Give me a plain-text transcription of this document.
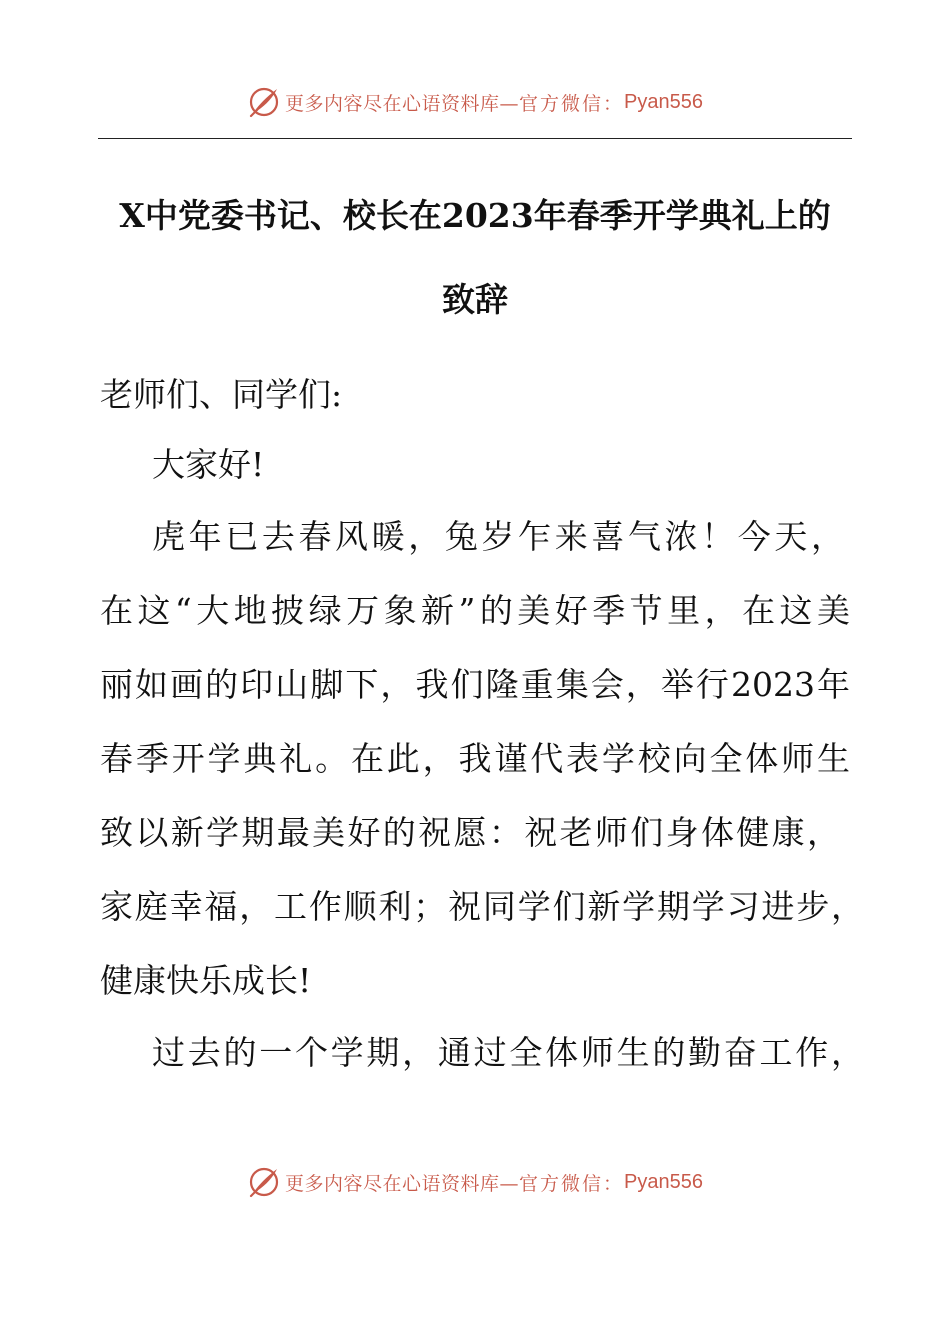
更多内容尽在心语资料库— 官方微信： Pyan556
X中党委书记、校长在2023年春季开学典礼上的
致辞
老师们、同学们:
大家好!
虎年已去春风暖，兔岁乍来喜气浓！今天，
在这“大地披绿万象新”的美好季节里，在这美
丽如画的印山脚下，我们隆重集会，举行2023年
春季开学典礼。在此，我谨代表学校向全体师生
致以新学期最美好的祝愿：祝老师们身体健康，
家庭幸福，工作顺利；祝同学们新学期学习进步，
健康快乐成长!
过去的一个学期，通过全体师生的勤奋工作，
更多内容尽在心语资料库— 官方微信： Pyan556
